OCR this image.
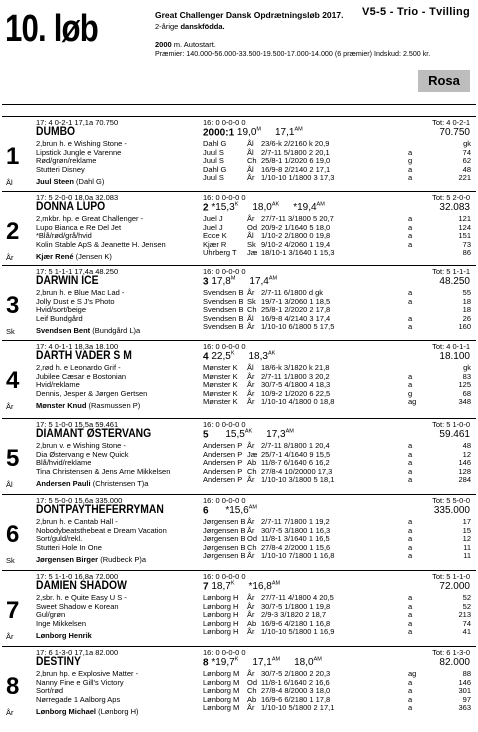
10. løb	Great Challenger Dansk Opdrætningsløb 2017. V5-5 - Trio - Tvilling
2-årige danskfödda.
2000 m. Autostart.
Præmier: 140.000-56.000-33.500-19.500-17.000-14.000 (6 præmier) Indskud: 2.500 kr.
Rosa
1
Ål
17: 4 0-2-1 17,1a 70.750
DUMBO
2,brun h. e Wishing Stone -
Lipstick Jungle e Varenne
Rød/grøn/reklame
Stutteri Disney
Juul Steen (Dahl G)
16: 0 0-0-0 0
2000:1 $19,0^M$ $17,1^{AM}$
Tot: 4 0-2-1
70.750
Dahl G	Ål 23/6-k 2/2160 k 20,9	gk
Juul S	Ål 2/7-11 5/1800 2 20,1	a	74
Juul S	Ch 25/8-1 1/2020 6 19,0	g	62
Dahl G	Ål 16/9-8 2/2140 2 17,1	a	48
Juul S	År 1/10-10 1/1800 3 17,3	a	221
2
År
17: 5 2-0-0 18,0a 32.083
DONNA LUPO
2,mkbr. hp. e Great Challenger -
Lupo Bianca e Re Del Jet
*Blå/rød/grå/hvid
Kolin Stable ApS & Jeanette H. Jensen
Kjær René (Jensen K)
16: 0 0-0-0 0
2 $*15,3^K$ $18,0^{AK}$ $*19,4^{AM}$
Tot: 5 2-0-0
32.083
Juel J	År 27/7-11 3/1800 5 20,7	a	121
Juel J	Od 20/9-2 1/1640 5 18,0	a	124
Ecce K	Ål 1/10-2 2/1800 0 19,8	a	151
Kjær R	Sk 9/10-2 4/2060 1 19,4	a	73
Uhrberg T Jæ 18/10-1 3/1640 1 15,3	86
3
Sk
17: 5 1-1-1 17,4a 48.250
DARWIN ICE
2,brun h. e Blue Mac Lad -
Jolly Dust e S J's Photo
Hvid/sort/beige
Leif Bundgård
Svendsen Bent (Bundgård L)a
16: 0 0-0-0 0
3 $17,8^M$ $17,4^{AM}$
Tot: 5 1-1-1
48.250
Svendsen B År 2/7-11 6/1800 d gk	a	55
Svendsen B Sk 19/7-1 3/2060 1 18,5	a	18
Svendsen B Ch 25/8-1 2/2020 2 17,8	18
Svendsen B Ål 16/9-8 4/2140 3 17,4	a	26
Svendsen B År 1/10-10 6/1800 5 17,5	a	160
4
År
17: 4 0-1-1 18,3a 18.100
DARTH VADER S M
2,rød h. e Leonardo Grif -
Jubilee Cæsar e Bostonian
Hvid/reklame
Dennis, Jesper & Jørgen Gertsen
Mønster Knud (Rasmussen P)
16: 0 0-0-0 0
4 $22,5^K$ $18,3^{AK}$
Tot: 4 0-1-1
18.100
Mønster K Ål 18/6-k 3/1820 k 21,8	gk
Mønster K År 2/7-11 1/1800 3 20,2	a	83
Mønster K År 30/7-5 4/1800 4 18,3	a	125
Mønster K År 10/9-2 1/2020 6 22,5	g	68
Mønster K År 1/10-10 4/1800 0 18,8	ag	348
5
Ål
17: 5 1-0-0 15,5a 59.461
DIAMANT ØSTERVANG
2,brun v. e Wishing Stone -
Dia Østervang e New Quick
Blå/hvid/reklame
Tina Christensen & Jens Arne Mikkelsen
Andersen Pauli (Christensen T)a
16: 0 0-0-0 0
5 $15,5^{AK}$ $17,3^{AM}$
Tot: 5 1-0-0
59.461
Andersen P År 2/7-11 8/1800 1 20,4	a	48
Andersen P Jæ 25/7-1 4/1640 9 15,5	a	12
Andersen P Ab 11/8-7 6/1640 6 16,2	a	146
Andersen P Ch 27/8-4 10/20000 17,3	a	128
Andersen P År 1/10-10 3/1800 5 18,1	a	284
6
Sk
17: 5 5-0-0 15,6a 335.000
DONTPAYTHEFERRYMAN
2,brun h. e Cantab Hall -
Nobodybeatsthebeat e Dream Vacation
Sort/guld/rekl.
Stutteri Hole In One
Jørgensen Birger (Rudbeck P)a
16: 0 0-0-0 0
6 $*15,6^{AM}$
Tot: 5 5-0-0
335.000
Jørgensen B År 2/7-11 7/1800 1 19,2	a	17
Jørgensen B År 30/7-5 3/1800 1 16,3	a	15
Jørgensen B Od 11/8-1 3/1640 1 16,5	a	12
Jørgensen B Ch 27/8-4 2/2000 1 15,6	a	11
Jørgensen B År 1/10-10 7/1800 1 16,8	a	11
7
År
17: 5 1-1-0 16,8a 72.000
DAMIEN SHADOW
2,sbr. h. e Quite Easy U S -
Sweet Shadow e Korean
Gul/grøn
Inge Mikkelsen
Lønborg Henrik
16: 0 0-0-0 0
7 $18,7^K$ $*16,8^{AM}$
Tot: 5 1-1-0
72.000
Lønborg H År 27/7-11 4/1800 4 20,5	a	52
Lønborg H År 30/7-5 1/1800 1 19,8	a	52
Lønborg H År 2/9-3 3/1820 2 18,7	a	213
Lønborg H Ab 16/9-6 4/2180 1 16,8	a	74
Lønborg H År 1/10-10 5/1800 1 16,9	a	41
8
År
17: 6 1-3-0 17,1a 82.000
DESTINY
2,brun hp. e Explosive Matter -
Nanny Fine e Gill's Victory
Sort/rød
Nørregade 1 Aalborg Aps
Lønborg Michael (Lønborg H)
16: 0 0-0-0 0
8 $*19,7^K$ $17,1^{AM}$ $18,0^{AM}$
Tot: 6 1-3-0
82.000
Lønborg M År 30/7-5 2/1800 2 20,3	ag	88
Lønborg M Od 11/8-1 6/1640 2 16,6	a	146
Lønborg M Ch 27/8-4 8/2000 3 18,0	a	301
Lønborg M Ab 16/9-6 6/2180 1 17,8	a	97
Lønborg M År 1/10-10 5/1800 2 17,1	a	363
